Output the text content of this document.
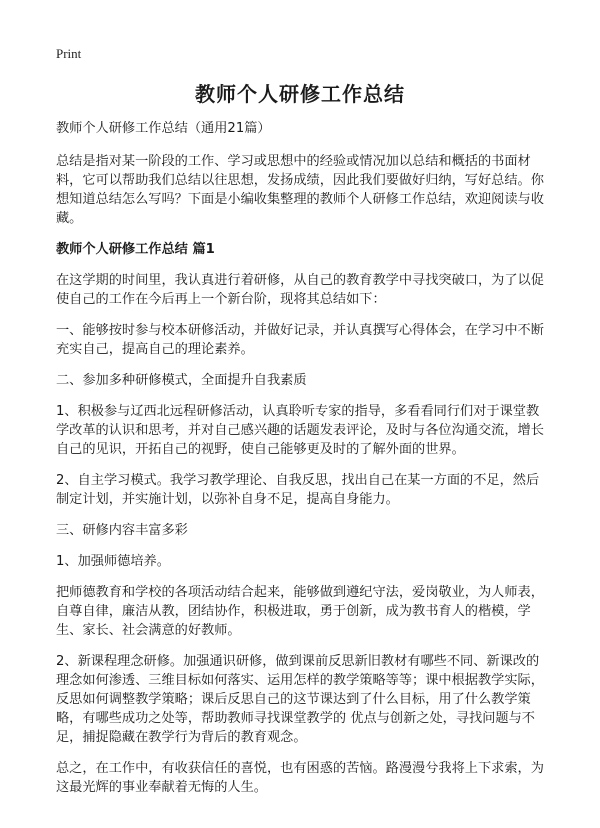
Print
教师个人研修工作总结

教师个人研修工作总结（通用21篇）

总结是指对某一阶段的工作、学习或思想中的经验或情况加以总结和概括的书面材料，它可以帮助我们总结以往思想，发扬成绩，因此我们要做好归纳，写好总结。你想知道总结怎么写吗？下面是小编收集整理的教师个人研修工作总结，欢迎阅读与收藏。

教师个人研修工作总结 篇1

在这学期的时间里，我认真进行着研修，从自己的教育教学中寻找突破口，为了以促使自己的工作在今后再上一个新台阶，现将其总结如下：

一、能够按时参与校本研修活动，并做好记录，并认真撰写心得体会，在学习中不断充实自己，提高自己的理论素养。

二、参加多种研修模式，全面提升自我素质

1、积极参与辽西北远程研修活动，认真聆听专家的指导，多看看同行们对于课堂教学改革的认识和思考，并对自己感兴趣的话题发表评论，及时与各位沟通交流，增长自己的见识，开拓自己的视野，使自己能够更及时的了解外面的世界。

2、自主学习模式。我学习教学理论、自我反思，找出自己在某一方面的不足，然后制定计划，并实施计划，以弥补自身不足，提高自身能力。

三、研修内容丰富多彩

1、加强师德培养。

把师德教育和学校的各项活动结合起来，能够做到遵纪守法，爱岗敬业，为人师表，自尊自律，廉洁从教，团结协作，积极进取，勇于创新，成为教书育人的楷模，学生、家长、社会满意的好教师。

2、新课程理念研修。加强通识研修，做到课前反思新旧教材有哪些不同、新课改的理念如何渗透、三维目标如何落实、运用怎样的教学策略等等；课中根据教学实际，反思如何调整教学策略；课后反思自己的这节课达到了什么目标，用了什么教学策略，有哪些成功之处等，帮助教师寻找课堂教学的 优点与创新之处，寻找问题与不足，捕捉隐藏在教学行为背后的教育观念。

总之，在工作中，有收获信任的喜悦，也有困惑的苦恼。路漫漫兮我将上下求索，为这最光辉的事业奉献着无悔的人生。
